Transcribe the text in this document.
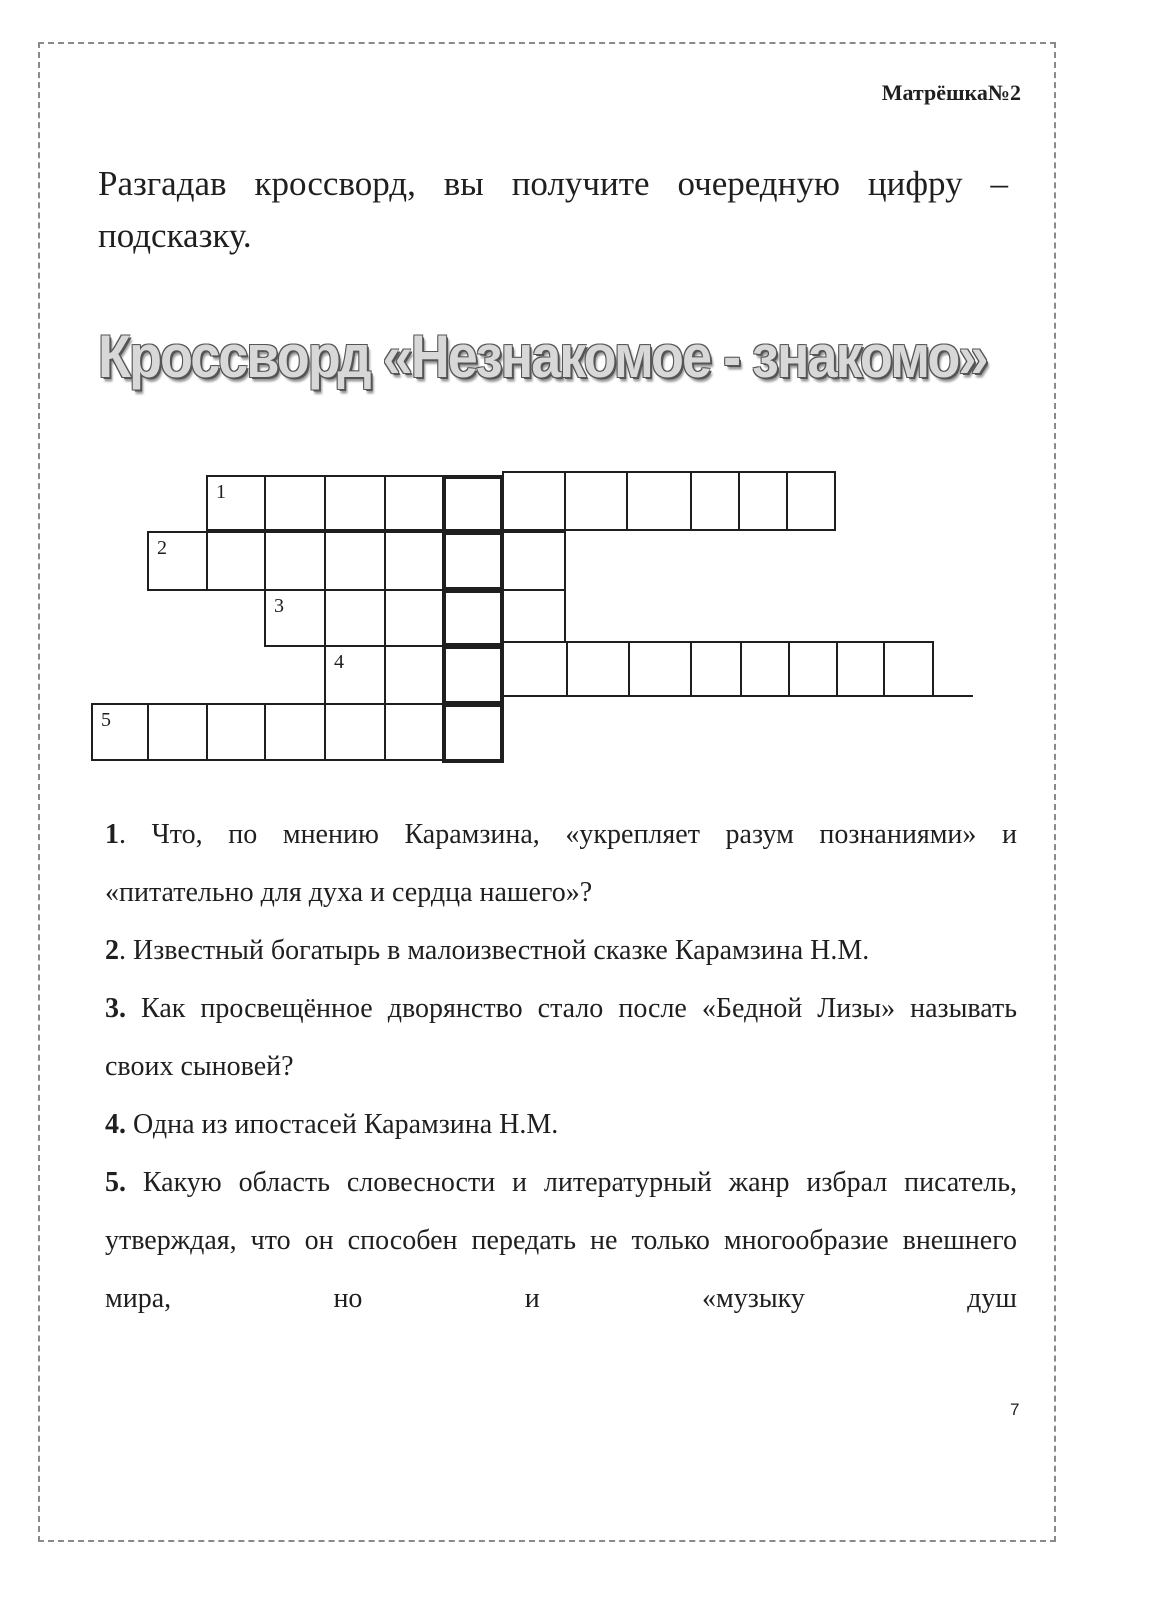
Матрёшка№2
Разгадав кроссворд, вы получите очередную цифру – подсказку.
Кроссворд «Незнакомое - знакомо»
1
2
3
4
5

1. Что, по мнению Карамзина, «укрепляет разум познаниями» и «питательно для духа и сердца нашего»?

2. Известный богатырь в малоизвестной сказке Карамзина Н.М.

3. Как просвещённое дворянство стало после «Бедной Лизы» называть своих сыновей?

4. Одна из ипостасей Карамзина Н.М.

5. Какую область словесности и литературный жанр избрал писатель, утверждая, что он способен передать не только многообразие внешнего мира, но и «музыку душ

7
